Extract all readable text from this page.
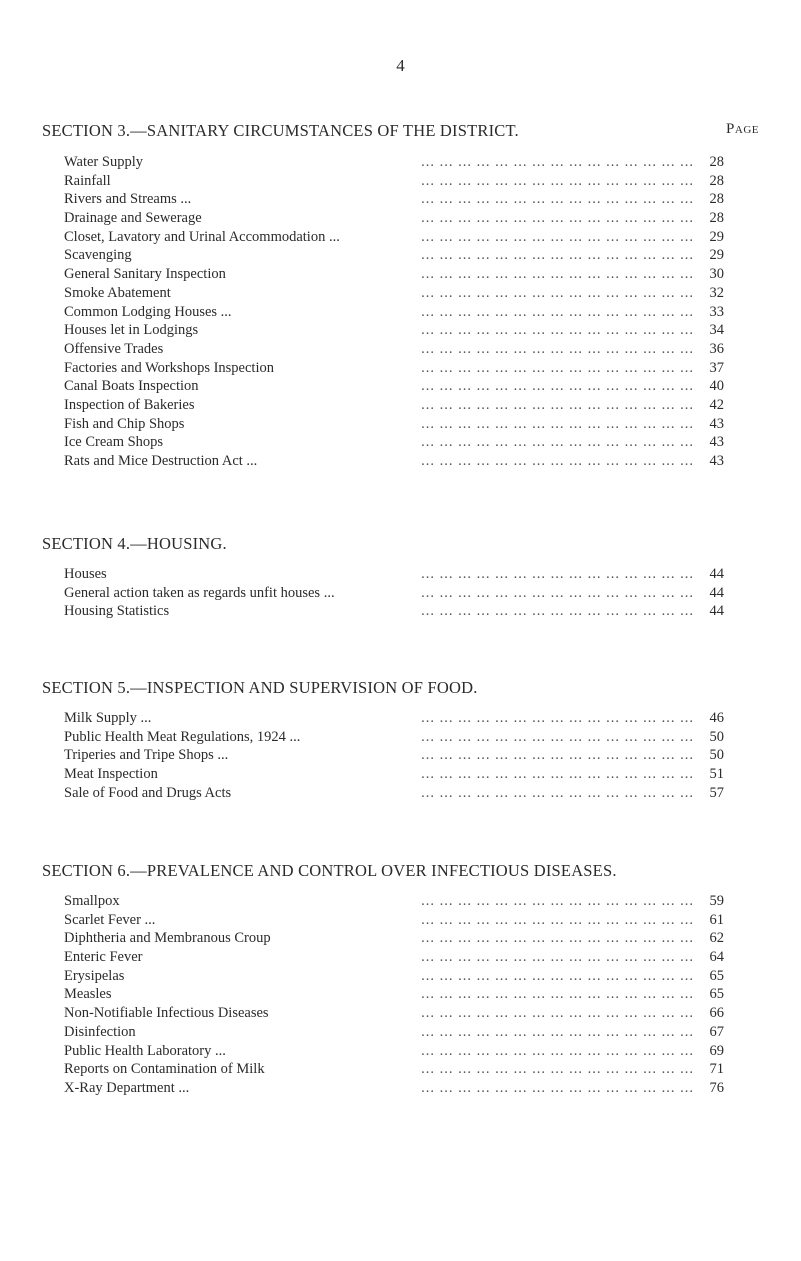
4
SECTION 3.—SANITARY CIRCUMSTANCES OF THE DISTRICT.	Page
... ... ... ... ... ... ... ... ... ... ... ... ... ... ...
Water Supply	28
... ... ... ... ... ... ... ... ... ... ... ... ... ... ...
Rainfall	28
... ... ... ... ... ... ... ... ... ... ... ... ... ... ...
Rivers and Streams ...	28
... ... ... ... ... ... ... ... ... ... ... ... ... ... ...
Drainage and Sewerage	28
... ... ... ... ... ... ... ... ... ... ... ... ... ... ...
Closet, Lavatory and Urinal Accommodation ...	29
... ... ... ... ... ... ... ... ... ... ... ... ... ... ...
Scavenging	29
... ... ... ... ... ... ... ... ... ... ... ... ... ... ...
General Sanitary Inspection	30
... ... ... ... ... ... ... ... ... ... ... ... ... ... ...
Smoke Abatement	32
... ... ... ... ... ... ... ... ... ... ... ... ... ... ...
Common Lodging Houses ...	33
... ... ... ... ... ... ... ... ... ... ... ... ... ... ...
Houses let in Lodgings	34
... ... ... ... ... ... ... ... ... ... ... ... ... ... ...
Offensive Trades	36
... ... ... ... ... ... ... ... ... ... ... ... ... ... ...
Factories and Workshops Inspection	37
... ... ... ... ... ... ... ... ... ... ... ... ... ... ...
Canal Boats Inspection	40
... ... ... ... ... ... ... ... ... ... ... ... ... ... ...
Inspection of Bakeries	42
... ... ... ... ... ... ... ... ... ... ... ... ... ... ...
Fish and Chip Shops	43
... ... ... ... ... ... ... ... ... ... ... ... ... ... ...
Ice Cream Shops	43
... ... ... ... ... ... ... ... ... ... ... ... ... ... ...
Rats and Mice Destruction Act ...	43
SECTION 4.—HOUSING.
... ... ... ... ... ... ... ... ... ... ... ... ... ... ...
Houses	44
... ... ... ... ... ... ... ... ... ... ... ... ... ... ...
General action taken as regards unfit houses ...	44
... ... ... ... ... ... ... ... ... ... ... ... ... ... ...
Housing Statistics	44
SECTION 5.—INSPECTION AND SUPERVISION OF FOOD.
... ... ... ... ... ... ... ... ... ... ... ... ... ... ...
Milk Supply ...	46
... ... ... ... ... ... ... ... ... ... ... ... ... ... ...
Public Health Meat Regulations, 1924 ...	50
... ... ... ... ... ... ... ... ... ... ... ... ... ... ...
Triperies and Tripe Shops ...	50
... ... ... ... ... ... ... ... ... ... ... ... ... ... ...
Meat Inspection	51
... ... ... ... ... ... ... ... ... ... ... ... ... ... ...
Sale of Food and Drugs Acts	57
SECTION 6.—PREVALENCE AND CONTROL OVER INFECTIOUS DISEASES.
... ... ... ... ... ... ... ... ... ... ... ... ... ... ...
Smallpox	59
... ... ... ... ... ... ... ... ... ... ... ... ... ... ...
Scarlet Fever ...	61
... ... ... ... ... ... ... ... ... ... ... ... ... ... ...
Diphtheria and Membranous Croup	62
... ... ... ... ... ... ... ... ... ... ... ... ... ... ...
Enteric Fever	64
... ... ... ... ... ... ... ... ... ... ... ... ... ... ...
Erysipelas	65
... ... ... ... ... ... ... ... ... ... ... ... ... ... ...
Measles	65
... ... ... ... ... ... ... ... ... ... ... ... ... ... ...
Non-Notifiable Infectious Diseases	66
... ... ... ... ... ... ... ... ... ... ... ... ... ... ...
Disinfection	67
... ... ... ... ... ... ... ... ... ... ... ... ... ... ...
Public Health Laboratory ...	69
... ... ... ... ... ... ... ... ... ... ... ... ... ... ...
Reports on Contamination of Milk	71
... ... ... ... ... ... ... ... ... ... ... ... ... ... ...
X-Ray Department ...	76
